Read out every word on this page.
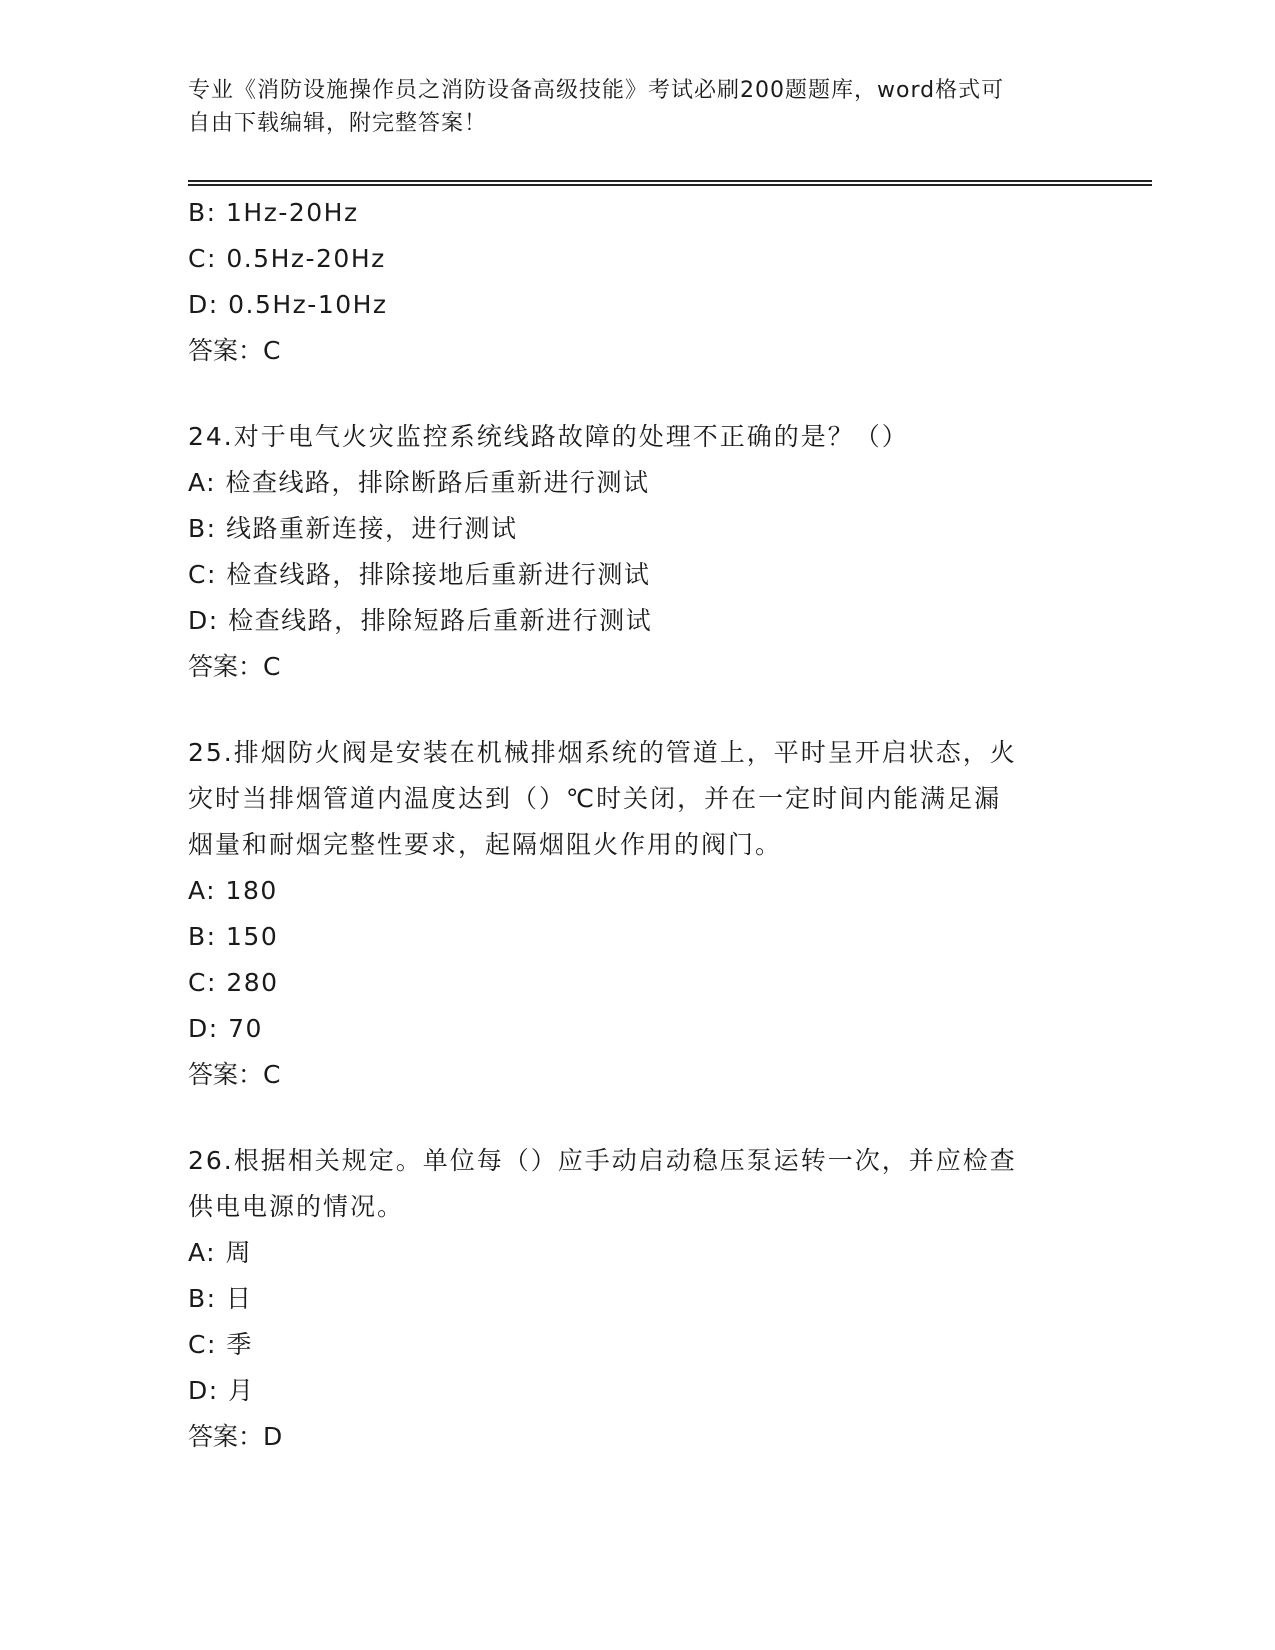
专业《消防设施操作员之消防设备高级技能》考试必刷200题题库，word格式可
自由下载编辑，附完整答案！
B: 1Hz-20Hz
C: 0.5Hz-20Hz
D: 0.5Hz-10Hz
答案：C
24.对于电气火灾监控系统线路故障的处理不正确的是？（）
A: 检查线路，排除断路后重新进行测试
B: 线路重新连接，进行测试
C: 检查线路，排除接地后重新进行测试
D: 检查线路，排除短路后重新进行测试
答案：C
25.排烟防火阀是安装在机械排烟系统的管道上，平时呈开启状态，火
灾时当排烟管道内温度达到（）℃时关闭，并在一定时间内能满足漏
烟量和耐烟完整性要求，起隔烟阻火作用的阀门。
A: 180
B: 150
C: 280
D: 70
答案：C
26.根据相关规定。单位每（）应手动启动稳压泵运转一次，并应检查
供电电源的情况。
A: 周
B: 日
C: 季
D: 月
答案：D
